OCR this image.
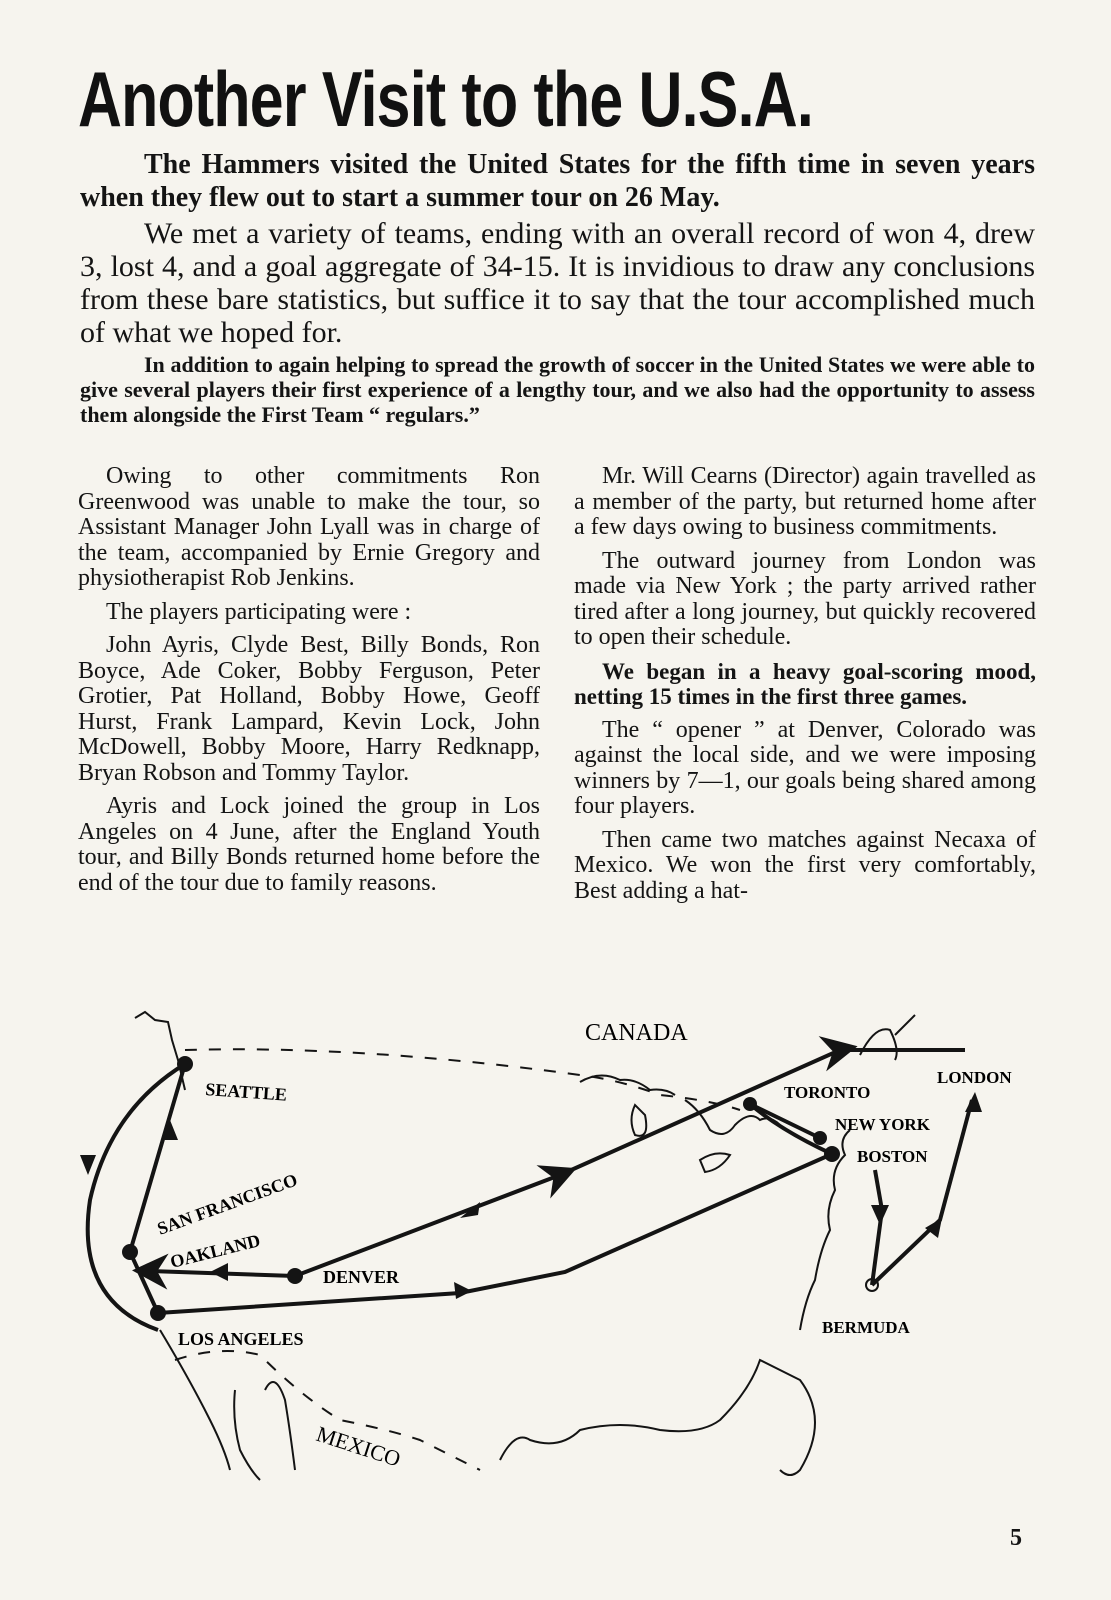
Another Visit to the U.S.A.

The Hammers visited the United States for the fifth time in seven years when they flew out to start a summer tour on 26 May.

We met a variety of teams, ending with an overall record of won 4, drew 3, lost 4, and a goal aggregate of 34-15. It is invidious to draw any conclusions from these bare statistics, but suffice it to say that the tour accomplished much of what we hoped for.

In addition to again helping to spread the growth of soccer in the United States we were able to give several players their first experience of a lengthy tour, and we also had the opportunity to assess them alongside the First Team “ regulars.”

Owing to other commitments Ron Greenwood was unable to make the tour, so Assistant Manager John Lyall was in charge of the team, accompanied by Ernie Gregory and physiotherapist Rob Jenkins.

The players participating were :

John Ayris, Clyde Best, Billy Bonds, Ron Boyce, Ade Coker, Bobby Ferguson, Peter Grotier, Pat Holland, Bobby Howe, Geoff Hurst, Frank Lampard, Kevin Lock, John McDowell, Bobby Moore, Harry Redknapp, Bryan Robson and Tommy Taylor.

Ayris and Lock joined the group in Los Angeles on 4 June, after the England Youth tour, and Billy Bonds returned home before the end of the tour due to family reasons.

Mr. Will Cearns (Director) again travelled as a member of the party, but returned home after a few days owing to business commitments.

The outward journey from London was made via New York ; the party arrived rather tired after a long journey, but quickly recovered to open their schedule.

We began in a heavy goal-scoring mood, netting 15 times in the first three games.

The “ opener ” at Denver, Colorado was against the local side, and we were imposing winners by 7—1, our goals being shared among four players.

Then came two matches against Necaxa of Mexico. We won the first very comfortably, Best adding a hat-

CANADA
SEATTLE
SAN FRANCISCO
OAKLAND
DENVER
LOS ANGELES
MEXICO
TORONTO
NEW YORK
BOSTON
LONDON
BERMUDA
5
